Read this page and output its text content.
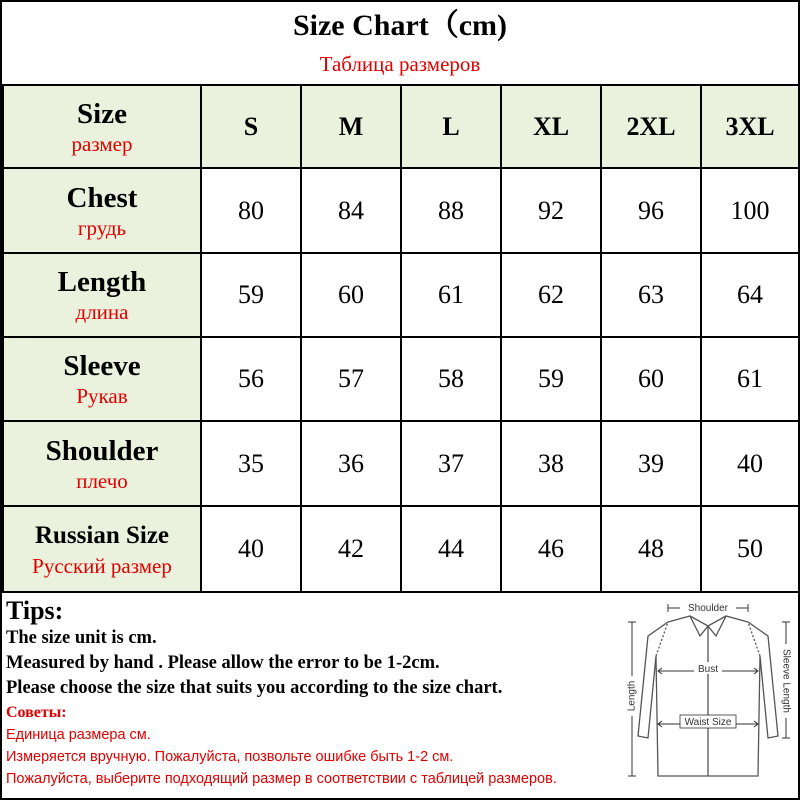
Size Chart（cm)
Таблица размеров
Size
размер	S	M	L	XL	2XL	3XL

Chest
грудь	80	84	88	92	96	100

Length
длина	59	60	61	62	63	64

Sleeve
Рукав	56	57	58	59	60	61

Shoulder
плечо	35	36	37	38	39	40

Russian Size
Русский размер	40	42	44	46	48	50
Tips:
The size unit is cm.
Measured by hand . Please allow the error to be 1-2cm.
Please choose the size that suits you according to the size chart.
Советы:
Единица размера см.
Измеряется вручную. Пожалуйста, позвольте ошибке быть 1-2 см.
Пожалуйста, выберите подходящий размер в соответствии с таблицей размеров.
Shoulder
Bust
Waist Size
Length	Sleeve Length
